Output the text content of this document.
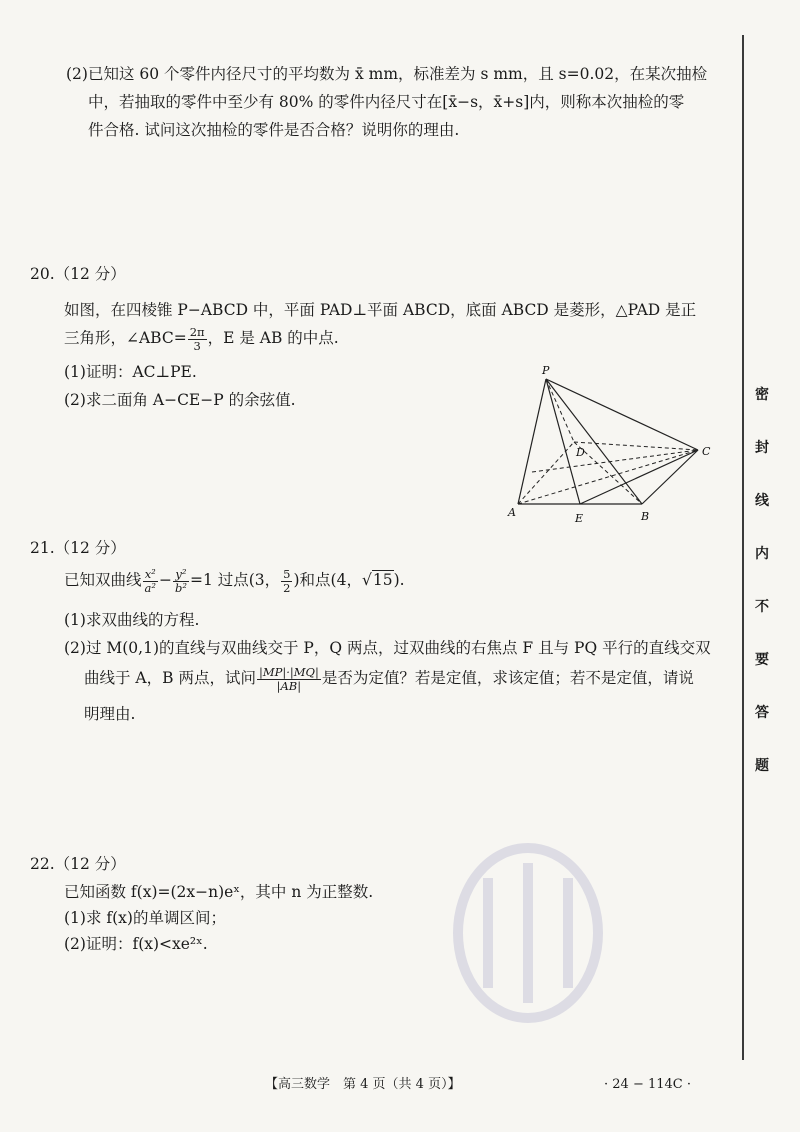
(2)已知这 60 个零件内径尺寸的平均数为 x̄ mm，标准差为 s mm，且 s=0.02，在某次抽检
中，若抽取的零件中至少有 80% 的零件内径尺寸在[x̄−s，x̄+s]内，则称本次抽检的零
件合格. 试问这次抽检的零件是否合格？说明你的理由.
20.（12 分）
如图，在四棱锥 P−ABCD 中，平面 PAD⊥平面 ABCD，底面 ABCD 是菱形，△PAD 是正
三角形，∠ABC= $\frac{2\pi}{3}$ ，E 是 AB 的中点.
(1)证明：AC⊥PE.
(2)求二面角 A−CE−P 的余弦值.
P
A	E	B
C
D
21.（12 分）
已知双曲线 $\frac{\text{x²}}{\text{a²}} - \frac{\text{y²}}{\text{b²}} =1$ 过点(3， $\frac{5}{2}$ )和点(4，√15).
(1)求双曲线的方程.
(2)过 M(0,1)的直线与双曲线交于 P，Q 两点，过双曲线的右焦点 F 且与 PQ 平行的直线交双
曲线于 A，B 两点，试问 $\frac{|MP|\cdot|MQ|}{|AB|}$ 是否为定值？若是定值，求该定值；若不是定值，请说
明理由.
22.（12 分）
已知函数 f(x)=(2x−n)eˣ，其中 n 为正整数.
(1)求 f(x)的单调区间；
(2)证明：f(x)<xe²ˣ.
密
封
线
内
不
要
答
题
【高三数学　第 4 页（共 4 页）】	· 24 − 114C ·
